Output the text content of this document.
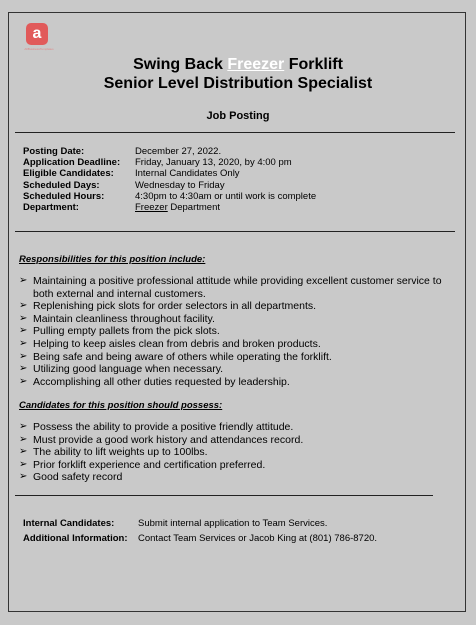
a
AllBusinessTemplates
Swing Back Freezer Forklift
Senior Level Distribution Specialist
Job Posting
Posting Date:	December 27, 2022.
Application Deadline:	Friday, January 13, 2020, by 4:00 pm
Eligible Candidates:	Internal Candidates Only
Scheduled Days:	Wednesday to Friday
Scheduled Hours:	4:30pm to 4:30am or until work is complete
Department:	Freezer Department
Responsibilities for this position include:
➢ Maintaining a positive professional attitude while providing excellent customer service to both external and internal customers.
➢ Replenishing pick slots for order selectors in all departments.
➢ Maintain cleanliness throughout facility.
➢ Pulling empty pallets from the pick slots.
➢ Helping to keep aisles clean from debris and broken products.
➢ Being safe and being aware of others while operating the forklift.
➢ Utilizing good language when necessary.
➢ Accomplishing all other duties requested by leadership.
Candidates for this position should possess:
➢ Possess the ability to provide a positive friendly attitude.
➢ Must provide a good work history and attendances record.
➢ The ability to lift weights up to 100lbs.
➢ Prior forklift experience and certification preferred.
➢ Good safety record
Internal Candidates:	Submit internal application to Team Services.
Additional Information:	Contact Team Services or Jacob King at (801) 786-8720.
